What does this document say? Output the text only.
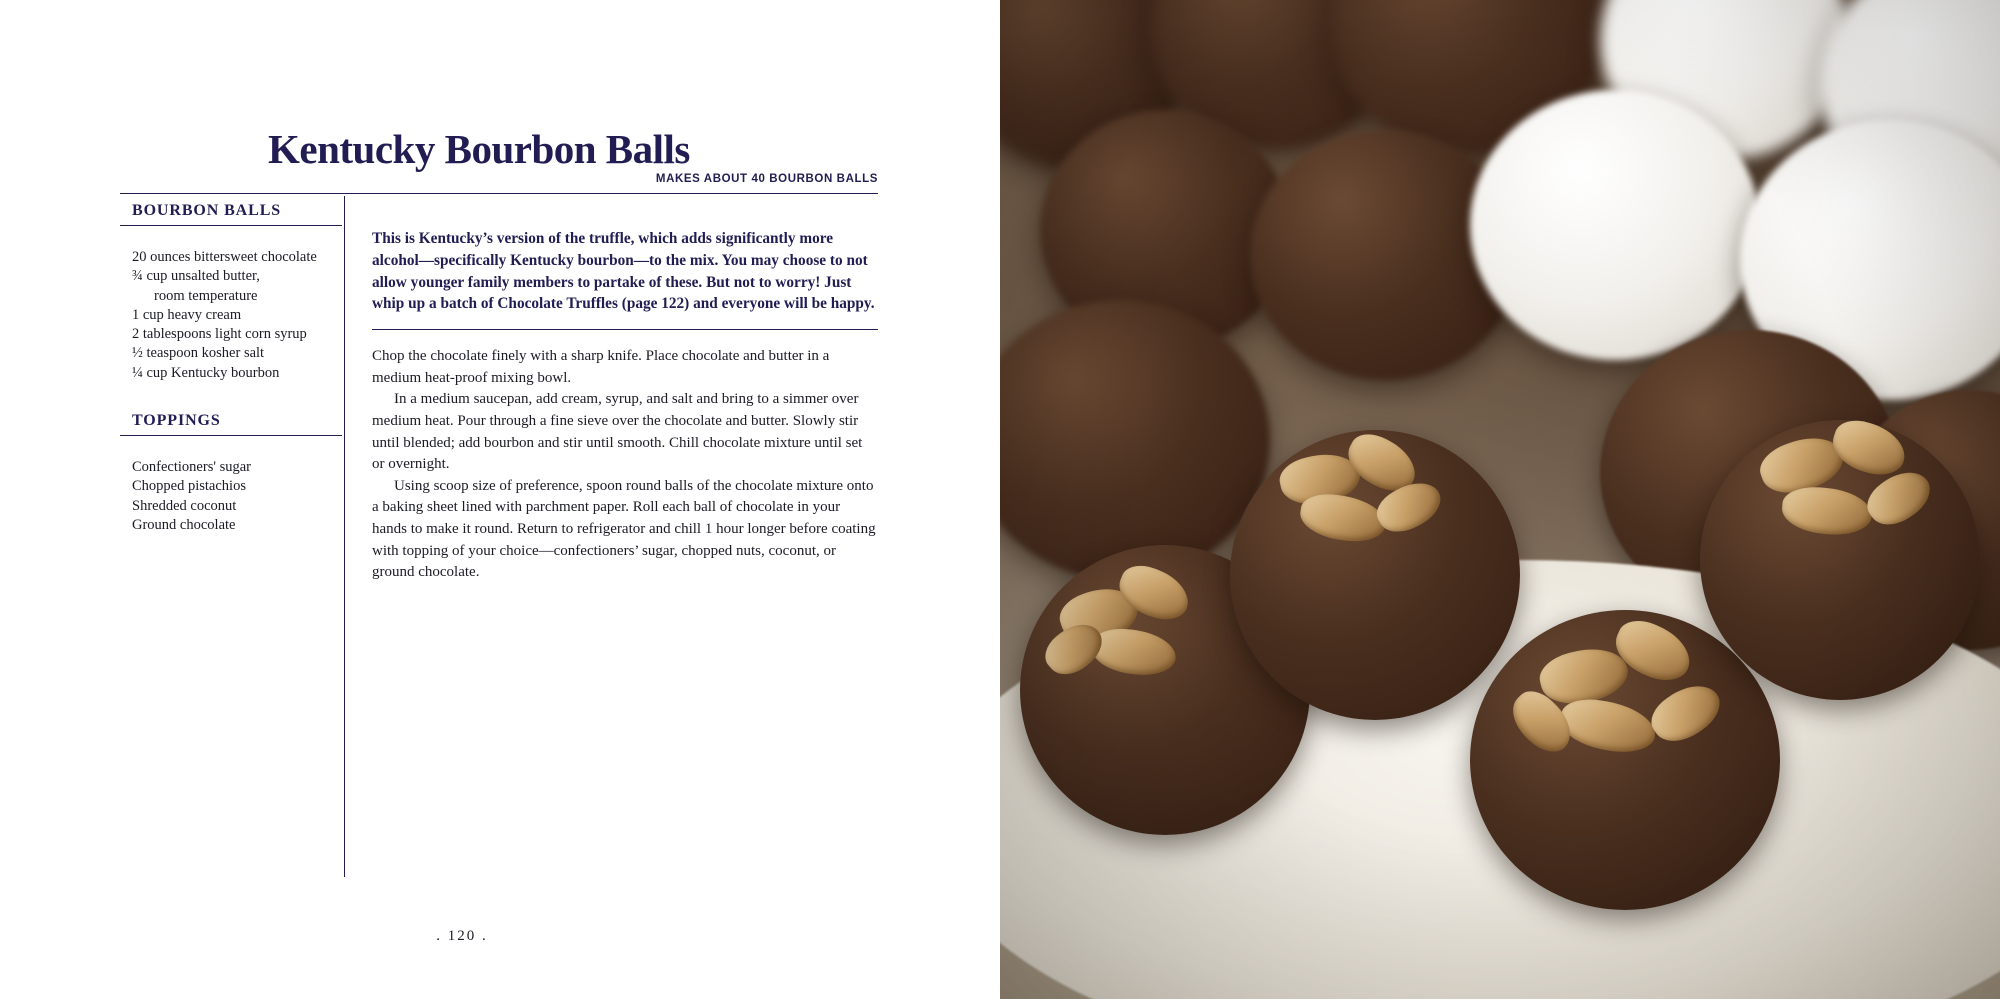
Kentucky Bourbon Balls
MAKES ABOUT 40 BOURBON BALLS
BOURBON BALLS
20 ounces bittersweet chocolate
¾ cup unsalted butter,
room temperature
1 cup heavy cream
2 tablespoons light corn syrup
½ teaspoon kosher salt
¼ cup Kentucky bourbon
TOPPINGS
Confectioners' sugar
Chopped pistachios
Shredded coconut
Ground chocolate

This is Kentucky’s version of the truffle, which adds significantly more alcohol—specifically Kentucky bourbon—to the mix. You may choose to not allow younger family members to partake of these. But not to worry! Just whip up a batch of Chocolate Truffles (page 122) and everyone will be happy.

Chop the chocolate finely with a sharp knife. Place chocolate and butter in a medium heat-proof mixing bowl.

In a medium saucepan, add cream, syrup, and salt and bring to a simmer over medium heat. Pour through a fine sieve over the chocolate and butter. Slowly stir until blended; add bourbon and stir until smooth. Chill chocolate mixture until set or overnight.

Using scoop size of preference, spoon round balls of the chocolate mixture onto a baking sheet lined with parchment paper. Roll each ball of chocolate in your hands to make it round. Return to refrigerator and chill 1 hour longer before coating with topping of your choice—confectioners’ sugar, chopped nuts, coconut, or ground chocolate.

. 120 .
